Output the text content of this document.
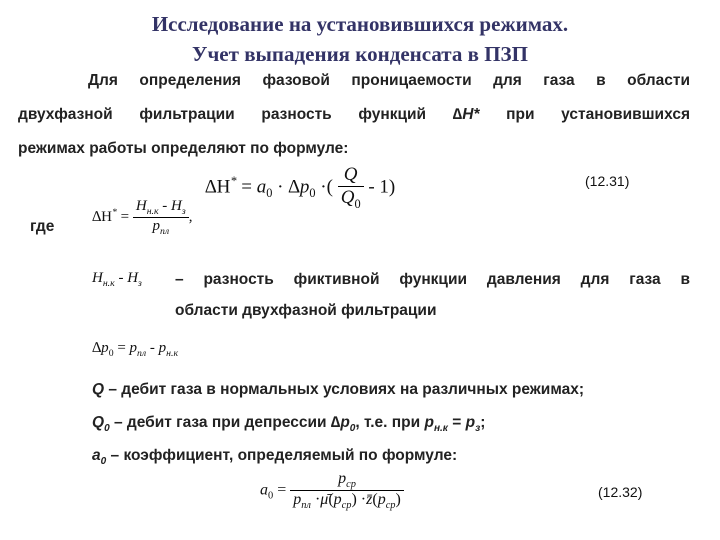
Исследование на установившихся режимах.
Учет выпадения конденсата в ПЗП
Для определения фазовой проницаемости для газа в области
двухфазной фильтрации разность функций ∆H* при установившихся
режимах работы определяют по формуле:
$\Delta H^* = a_0 \cdot \Delta p_0$ ·( $\frac{Q}{Q_0} - 1$)	(12.31)
где
$\Delta H^* = \frac{H_{н.к} - H_з}{p_{пл}}$ ,
$H_{н.к} - H_з$ – разность фиктивной функции давления для газа в
области двухфазной фильтрации
$\Delta p_0 = p_{пл} - p_{н.к}$
Q – дебит газа в нормальных условиях на различных режимах;
$Q_0$ – дебит газа при депрессии $\Delta p_0$, т.е. при $p_{н.к} = p_з$;
$a_0$ – коэффициент, определяемый по формуле:
$a_0 = \frac{p_{ср}}{p_{пл} \cdot\mū(p_{ср}) \cdot z̄(p_{ср})}$	(12.32)
